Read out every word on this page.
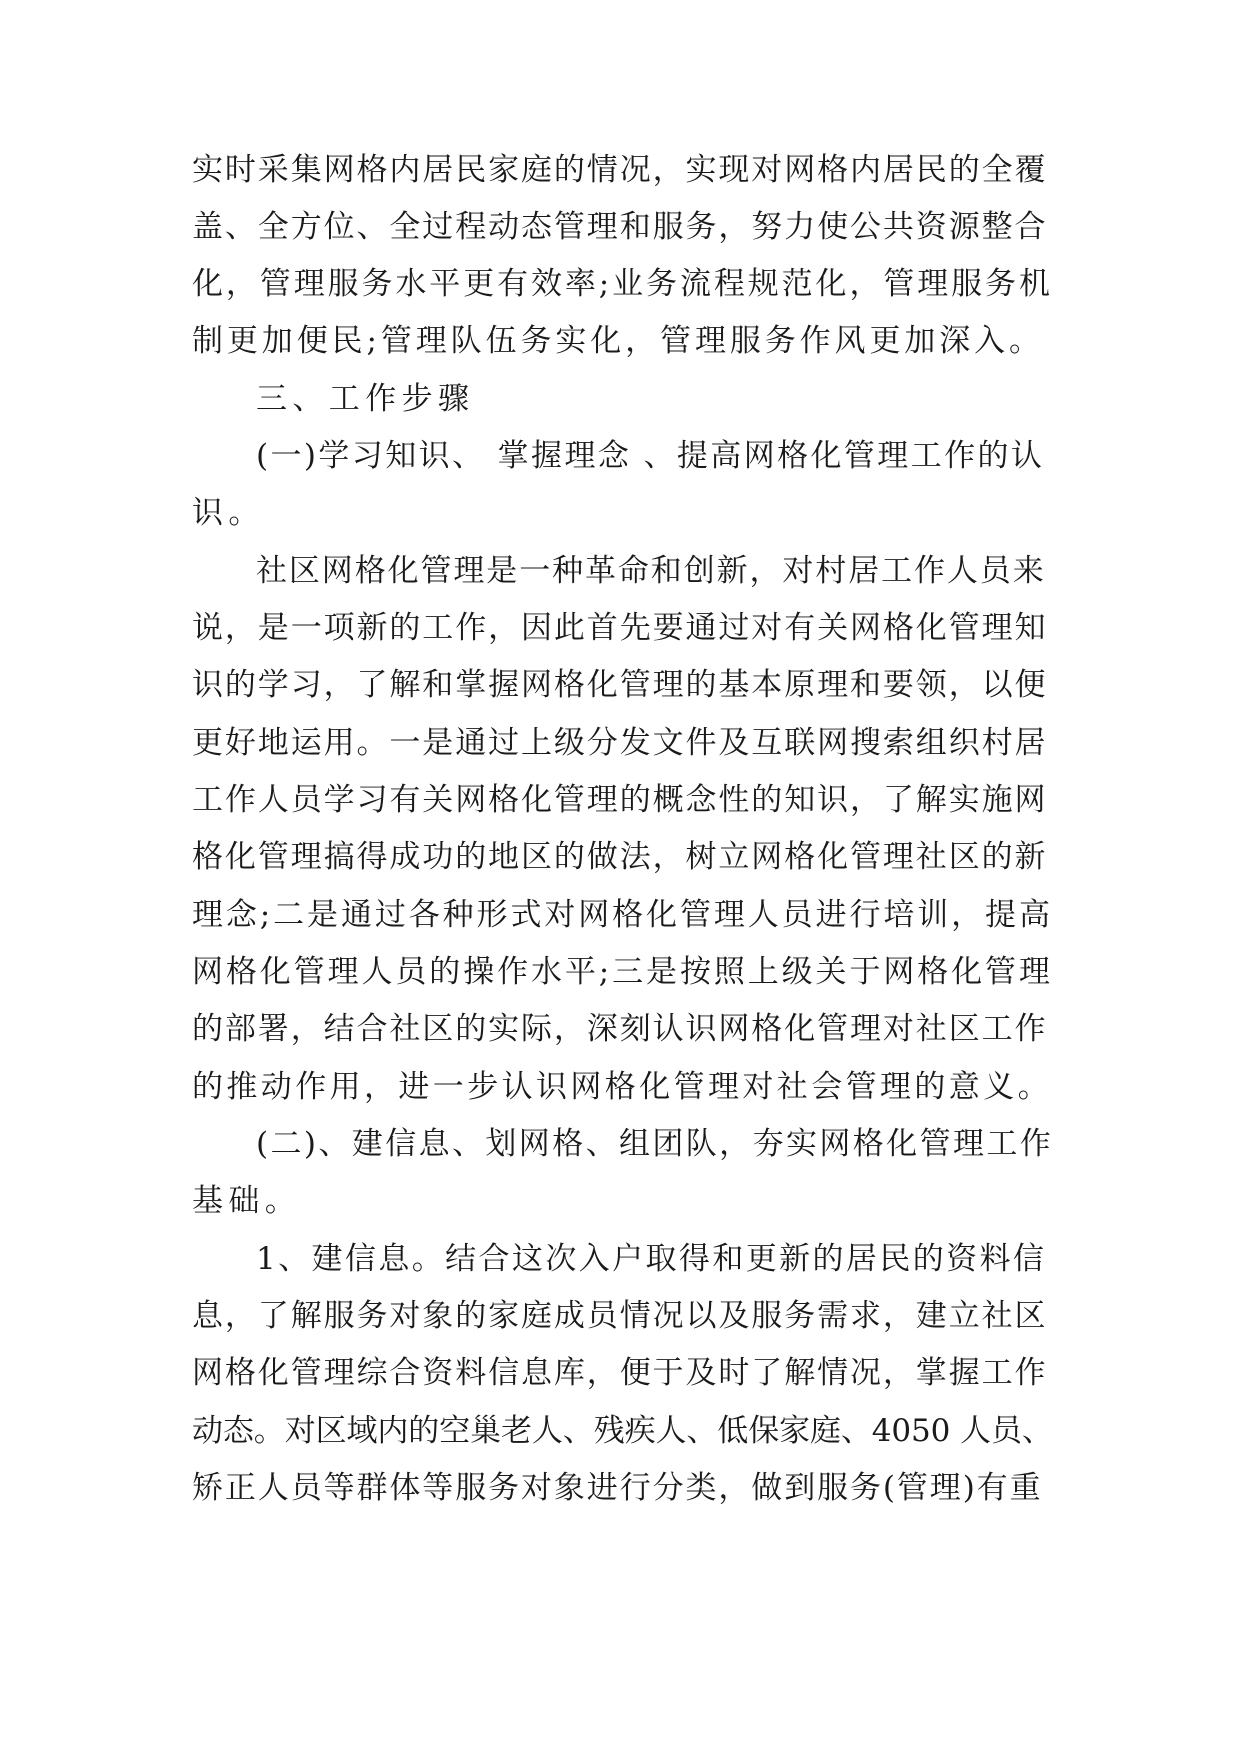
实时采集网格内居民家庭的情况，实现对网格内居民的全覆
盖、全方位、全过程动态管理和服务，努力使公共资源整合
化，管理服务水平更有效率;业务流程规范化，管理服务机
制更加便民;管理队伍务实化，管理服务作风更加深入。
三、工作步骤
(一)学习知识、 掌握理念 、提高网格化管理工作的认
识。
社区网格化管理是一种革命和创新，对村居工作人员来
说，是一项新的工作，因此首先要通过对有关网格化管理知
识的学习，了解和掌握网格化管理的基本原理和要领，以便
更好地运用。一是通过上级分发文件及互联网搜索组织村居
工作人员学习有关网格化管理的概念性的知识，了解实施网
格化管理搞得成功的地区的做法，树立网格化管理社区的新
理念;二是通过各种形式对网格化管理人员进行培训，提高
网格化管理人员的操作水平;三是按照上级关于网格化管理
的部署，结合社区的实际，深刻认识网格化管理对社区工作
的推动作用，进一步认识网格化管理对社会管理的意义。
(二)、建信息、划网格、组团队，夯实网格化管理工作
基础。
1、建信息。结合这次入户取得和更新的居民的资料信
息，了解服务对象的家庭成员情况以及服务需求，建立社区
网格化管理综合资料信息库，便于及时了解情况，掌握工作
动态。对区域内的空巢老人、残疾人、低保家庭、4050 人员、
矫正人员等群体等服务对象进行分类，做到服务(管理)有重
